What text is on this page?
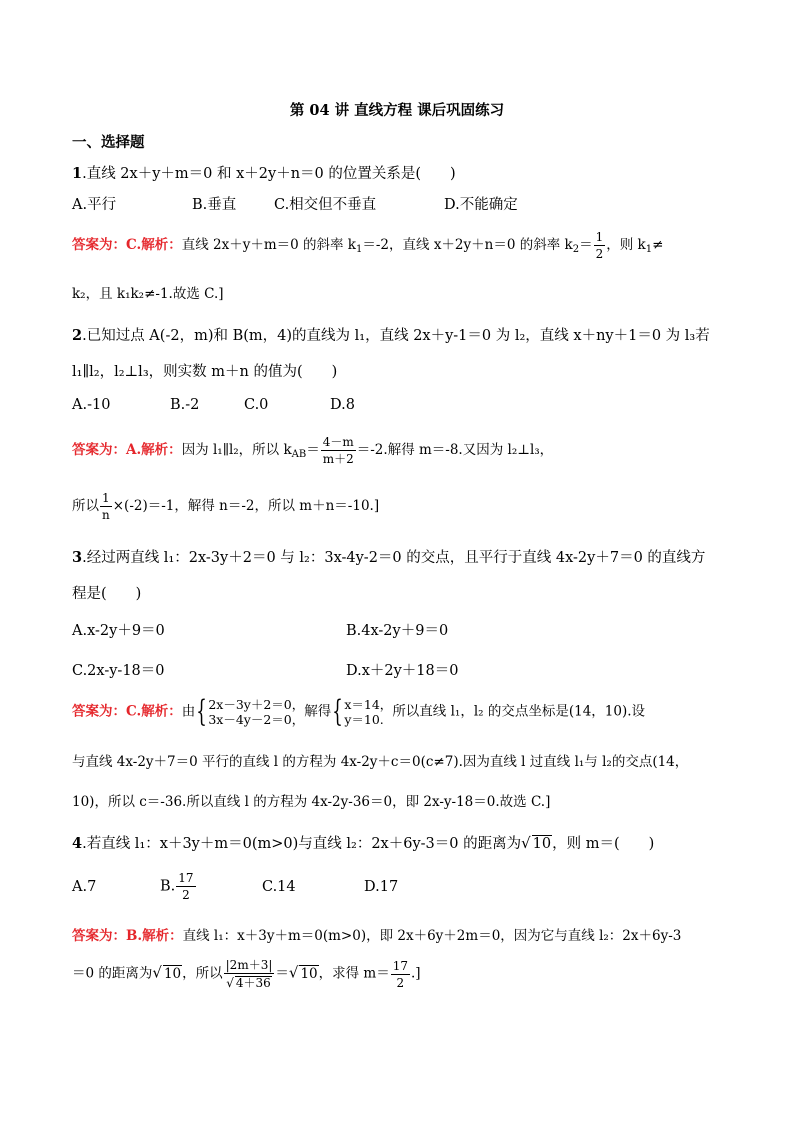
第 04 讲 直线方程 课后巩固练习
一、选择题
1.直线 2x＋y＋m＝0 和 x＋2y＋n＝0 的位置关系是(　　)
A.平行	B.垂直	C.相交但不垂直	D.不能确定
答案为：C.解析：直线 2x＋y＋m＝0 的斜率 $k_1=-2$，直线 x＋2y＋n＝0 的斜率 $k_2= \frac{1}{2}$ ，则 $k_1\ne$
k₂，且 k₁k₂≠-1.故选 C.]
2.已知过点 A(-2，m)和 B(m，4)的直线为 l₁，直线 2x＋y-1＝0 为 l₂，直线 x＋ny＋1＝0 为 l₃若
l₁∥l₂，l₂⊥l₃，则实数 m＋n 的值为(　　)
A.-10	B.-2	C.0	D.8
答案为：A.解析：因为 l₁∥l₂，所以 $k_{AB}= \frac{4-m}{m+2} =-2$.解得 m＝-8.又因为 l₂⊥l₃，
所以 $\frac{1}{n} \times(-2)=-1$，解得 n＝-2，所以 m＋n＝-10.]
3.经过两直线 l₁：2x-3y＋2＝0 与 l₂：3x-4y-2＝0 的交点，且平行于直线 4x-2y＋7＝0 的直线方
程是(　　)
A.x-2y＋9＝0	B.4x-2y＋9＝0
C.2x-y-18＝0	D.x＋2y＋18＝0
答案为：C.解析：由{ 2x－3y＋2＝0，
3x－4y－2＝0， 解得{ x＝14，
y＝10. 所以直线 l₁，l₂ 的交点坐标是(14，10).设
与直线 4x-2y＋7＝0 平行的直线 l 的方程为 4x-2y＋c＝0(c≠7).因为直线 l 过直线 l₁与 l₂的交点(14，
10)，所以 c＝-36.所以直线 l 的方程为 4x-2y-36＝0，即 2x-y-18＝0.故选 C.]
4.若直线 l₁：x＋3y＋m＝0(m>0)与直线 l₂：2x＋6y-3＝0 的距离为√ 10，则 m＝(　　)
A.7	B. $\frac{17}{2}$	C.14	D.17
答案为：B.解析：直线 l₁：x＋3y＋m＝0(m>0)，即 2x＋6y＋2m＝0，因为它与直线 l₂：2x＋6y-3
＝0 的距离为√ 10，所以 $\frac{|2m+3|}{√ 4+36}$ ＝√ 10，求得 $m= \frac{17}{2}$ .]
